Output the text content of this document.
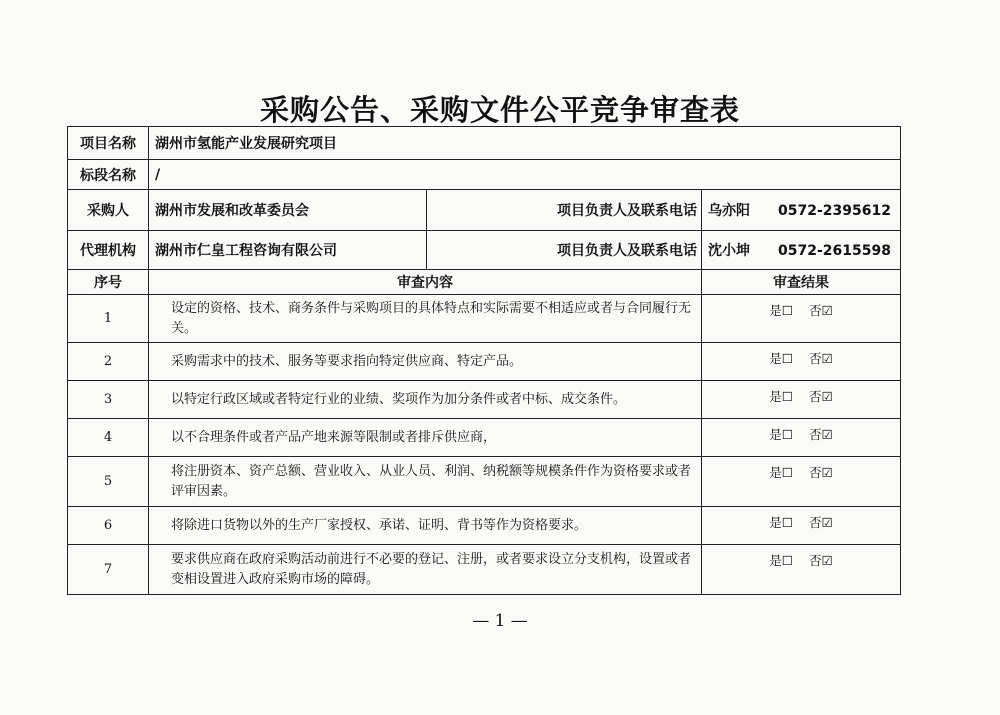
采购公告、采购文件公平竞争审查表
项目名称	湖州市氢能产业发展研究项目		
标段名称	/		
采购人	湖州市发展和改革委员会	项目负责人及联系电话	乌亦阳 0572-2395612
代理机构	湖州市仁皇工程咨询有限公司	项目负责人及联系电话	沈小坤 0572-2615598
序号	审查内容		审查结果
1	设定的资格、技术、商务条件与采购项目的具体特点和实际需要不相适应或者与合同履行无关。		是☐ 否☑
2	采购需求中的技术、服务等要求指向特定供应商、特定产品。		是☐ 否☑
3	以特定行政区域或者特定行业的业绩、奖项作为加分条件或者中标、成交条件。		是☐ 否☑
4	以不合理条件或者产品产地来源等限制或者排斥供应商，		是☐ 否☑
5	将注册资本、资产总额、营业收入、从业人员、利润、纳税额等规模条件作为资格要求或者评审因素。		是☐ 否☑
6	将除进口货物以外的生产厂家授权、承诺、证明、背书等作为资格要求。		是☐ 否☑
7	要求供应商在政府采购活动前进行不必要的登记、注册，或者要求设立分支机构，设置或者变相设置进入政府采购市场的障碍。		是☐ 否☑
— 1 —
